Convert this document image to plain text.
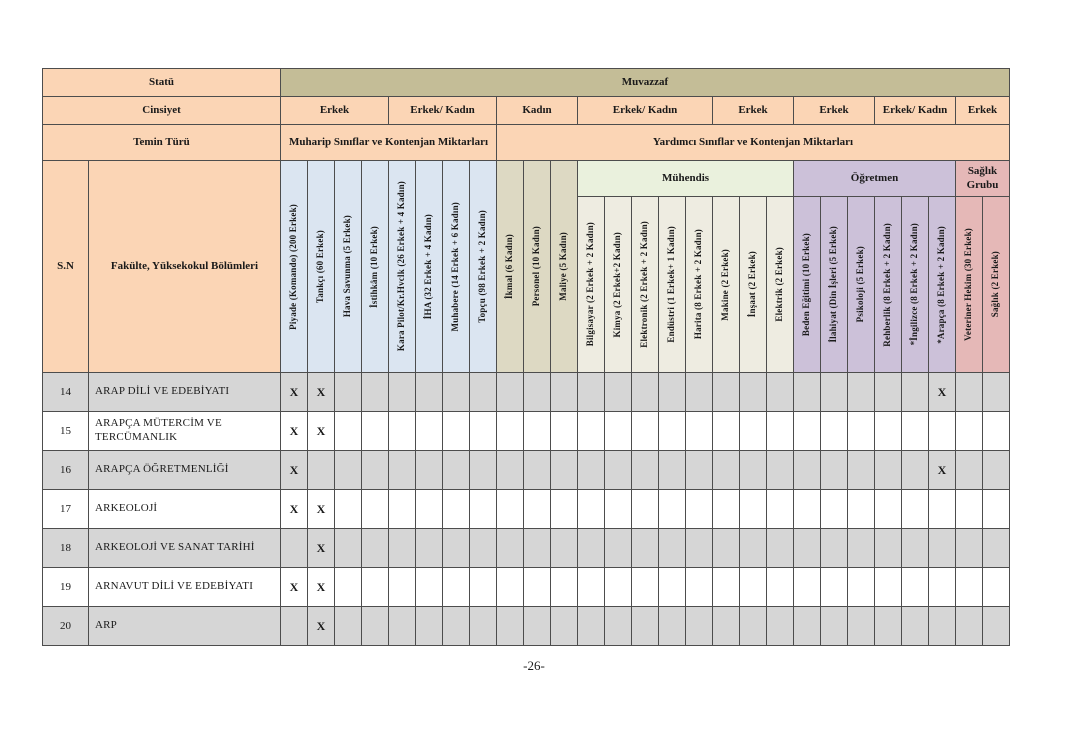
Statü		Muvazzaf																										
Cinsiyet		Erkek				Erkek/ Kadın				Kadın			Erkek/ Kadın					Erkek			Erkek			Erkek/ Kadın			Erkek	
Temin Türü		Muharip Sınıflar ve Kontenjan Miktarları								Yardımcı Sınıflar ve Kontenjan Miktarları																		
S.N	Fakülte, Yüksekokul Bölümleri	Piyade (Komando) (200 Erkek)	Tankçı (60 Erkek)	Hava Savunma (5 Erkek)	İstihkâm (10 Erkek)	Kara Pilot/Kr.Hvclk (26 Erkek + 4 Kadın)	İHA (32 Erkek + 4 Kadın)	Muhabere (14 Erkek + 6 Kadın)	Topçu (98 Erkek + 2 Kadın)	İkmal (6 Kadın)	Personel (10 Kadın)	Maliye (5 Kadın)	Mühendis								Öğretmen						Sağlık Grubu	

													Bilgisayar (2 Erkek + 2 Kadın)	Kimya (2 Erkek+2 Kadın)	Elektronik (2 Erkek + 2 Kadın)	Endüstri (1 Erkek+ 1 Kadın)	Harita (8 Erkek + 2 Kadın)	Makine (2 Erkek)	İnşaat (2 Erkek)	Elektrik (2 Erkek)	Beden Eğitimi (10 Erkek)	İlahiyat (Din İşleri (5 Erkek)	Psikoloji (5 Erkek)	Rehberlik (8 Erkek + 2 Kadın)	*İngilizce (8 Erkek + 2 Kadın)	*Arapça (8 Erkek + 2 Kadın)	Veteriner Hekim (30 Erkek)	Sağlık (2 Erkek)

14	ARAP DİLİ VE EDEBİYATI	X	X																							X		
15	ARAPÇA MÜTERCİM VE TERCÜMANLIK	X	X																									
16	ARAPÇA ÖĞRETMENLİĞİ	X																								X		
17	ARKEOLOJİ	X	X																									
18	ARKEOLOJİ VE SANAT TARİHİ		X																									
19	ARNAVUT DİLİ VE EDEBİYATI	X	X																									
20	ARP		X																									
-26-
